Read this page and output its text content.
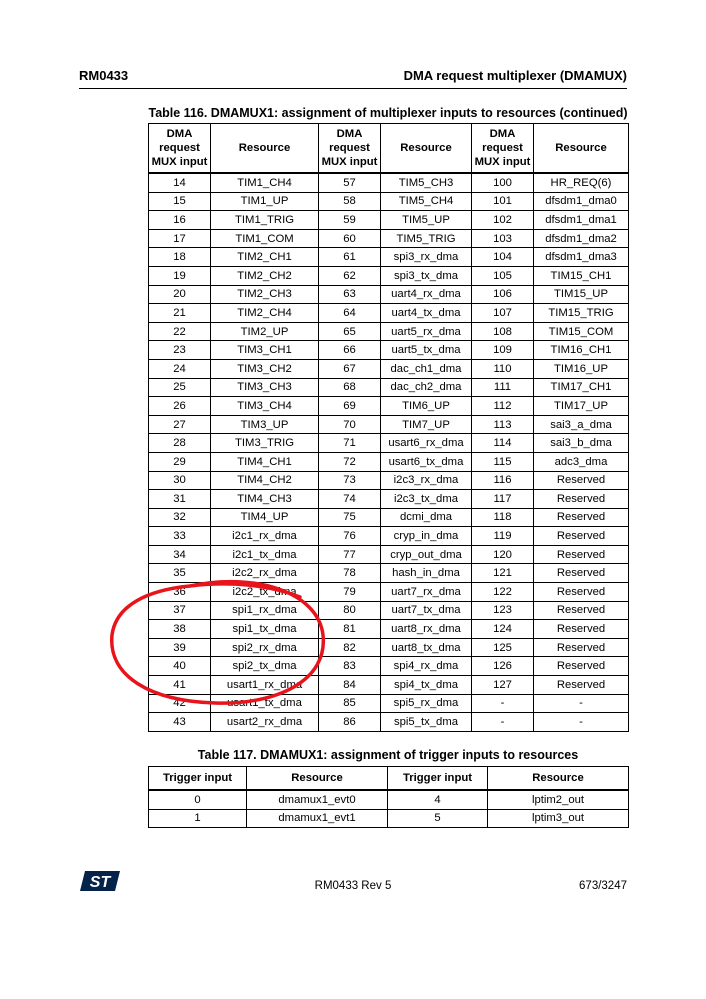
RM0433	DMA request multiplexer (DMAMUX)
Table 116. DMAMUX1: assignment of multiplexer inputs to resources (continued)
DMA request MUX input	Resource	DMA request MUX input	Resource	DMA request MUX input	Resource
14	TIM1_CH4	57	TIM5_CH3	100	HR_REQ(6)
15	TIM1_UP	58	TIM5_CH4	101	dfsdm1_dma0
16	TIM1_TRIG	59	TIM5_UP	102	dfsdm1_dma1
17	TIM1_COM	60	TIM5_TRIG	103	dfsdm1_dma2
18	TIM2_CH1	61	spi3_rx_dma	104	dfsdm1_dma3
19	TIM2_CH2	62	spi3_tx_dma	105	TIM15_CH1
20	TIM2_CH3	63	uart4_rx_dma	106	TIM15_UP
21	TIM2_CH4	64	uart4_tx_dma	107	TIM15_TRIG
22	TIM2_UP	65	uart5_rx_dma	108	TIM15_COM
23	TIM3_CH1	66	uart5_tx_dma	109	TIM16_CH1
24	TIM3_CH2	67	dac_ch1_dma	110	TIM16_UP
25	TIM3_CH3	68	dac_ch2_dma	111	TIM17_CH1
26	TIM3_CH4	69	TIM6_UP	112	TIM17_UP
27	TIM3_UP	70	TIM7_UP	113	sai3_a_dma
28	TIM3_TRIG	71	usart6_rx_dma	114	sai3_b_dma
29	TIM4_CH1	72	usart6_tx_dma	115	adc3_dma
30	TIM4_CH2	73	i2c3_rx_dma	116	Reserved
31	TIM4_CH3	74	i2c3_tx_dma	117	Reserved
32	TIM4_UP	75	dcmi_dma	118	Reserved
33	i2c1_rx_dma	76	cryp_in_dma	119	Reserved
34	i2c1_tx_dma	77	cryp_out_dma	120	Reserved
35	i2c2_rx_dma	78	hash_in_dma	121	Reserved
36	i2c2_tx_dma	79	uart7_rx_dma	122	Reserved
37	spi1_rx_dma	80	uart7_tx_dma	123	Reserved
38	spi1_tx_dma	81	uart8_rx_dma	124	Reserved
39	spi2_rx_dma	82	uart8_tx_dma	125	Reserved
40	spi2_tx_dma	83	spi4_rx_dma	126	Reserved
41	usart1_rx_dma	84	spi4_tx_dma	127	Reserved
42	usart1_tx_dma	85	spi5_rx_dma	-	-
43	usart2_rx_dma	86	spi5_tx_dma	-	-
Table 117. DMAMUX1: assignment of trigger inputs to resources
Trigger input	Resource	Trigger input	Resource
0	dmamux1_evt0	4	lptim2_out
1	dmamux1_evt1	5	lptim3_out
ST	RM0433 Rev 5	673/3247
